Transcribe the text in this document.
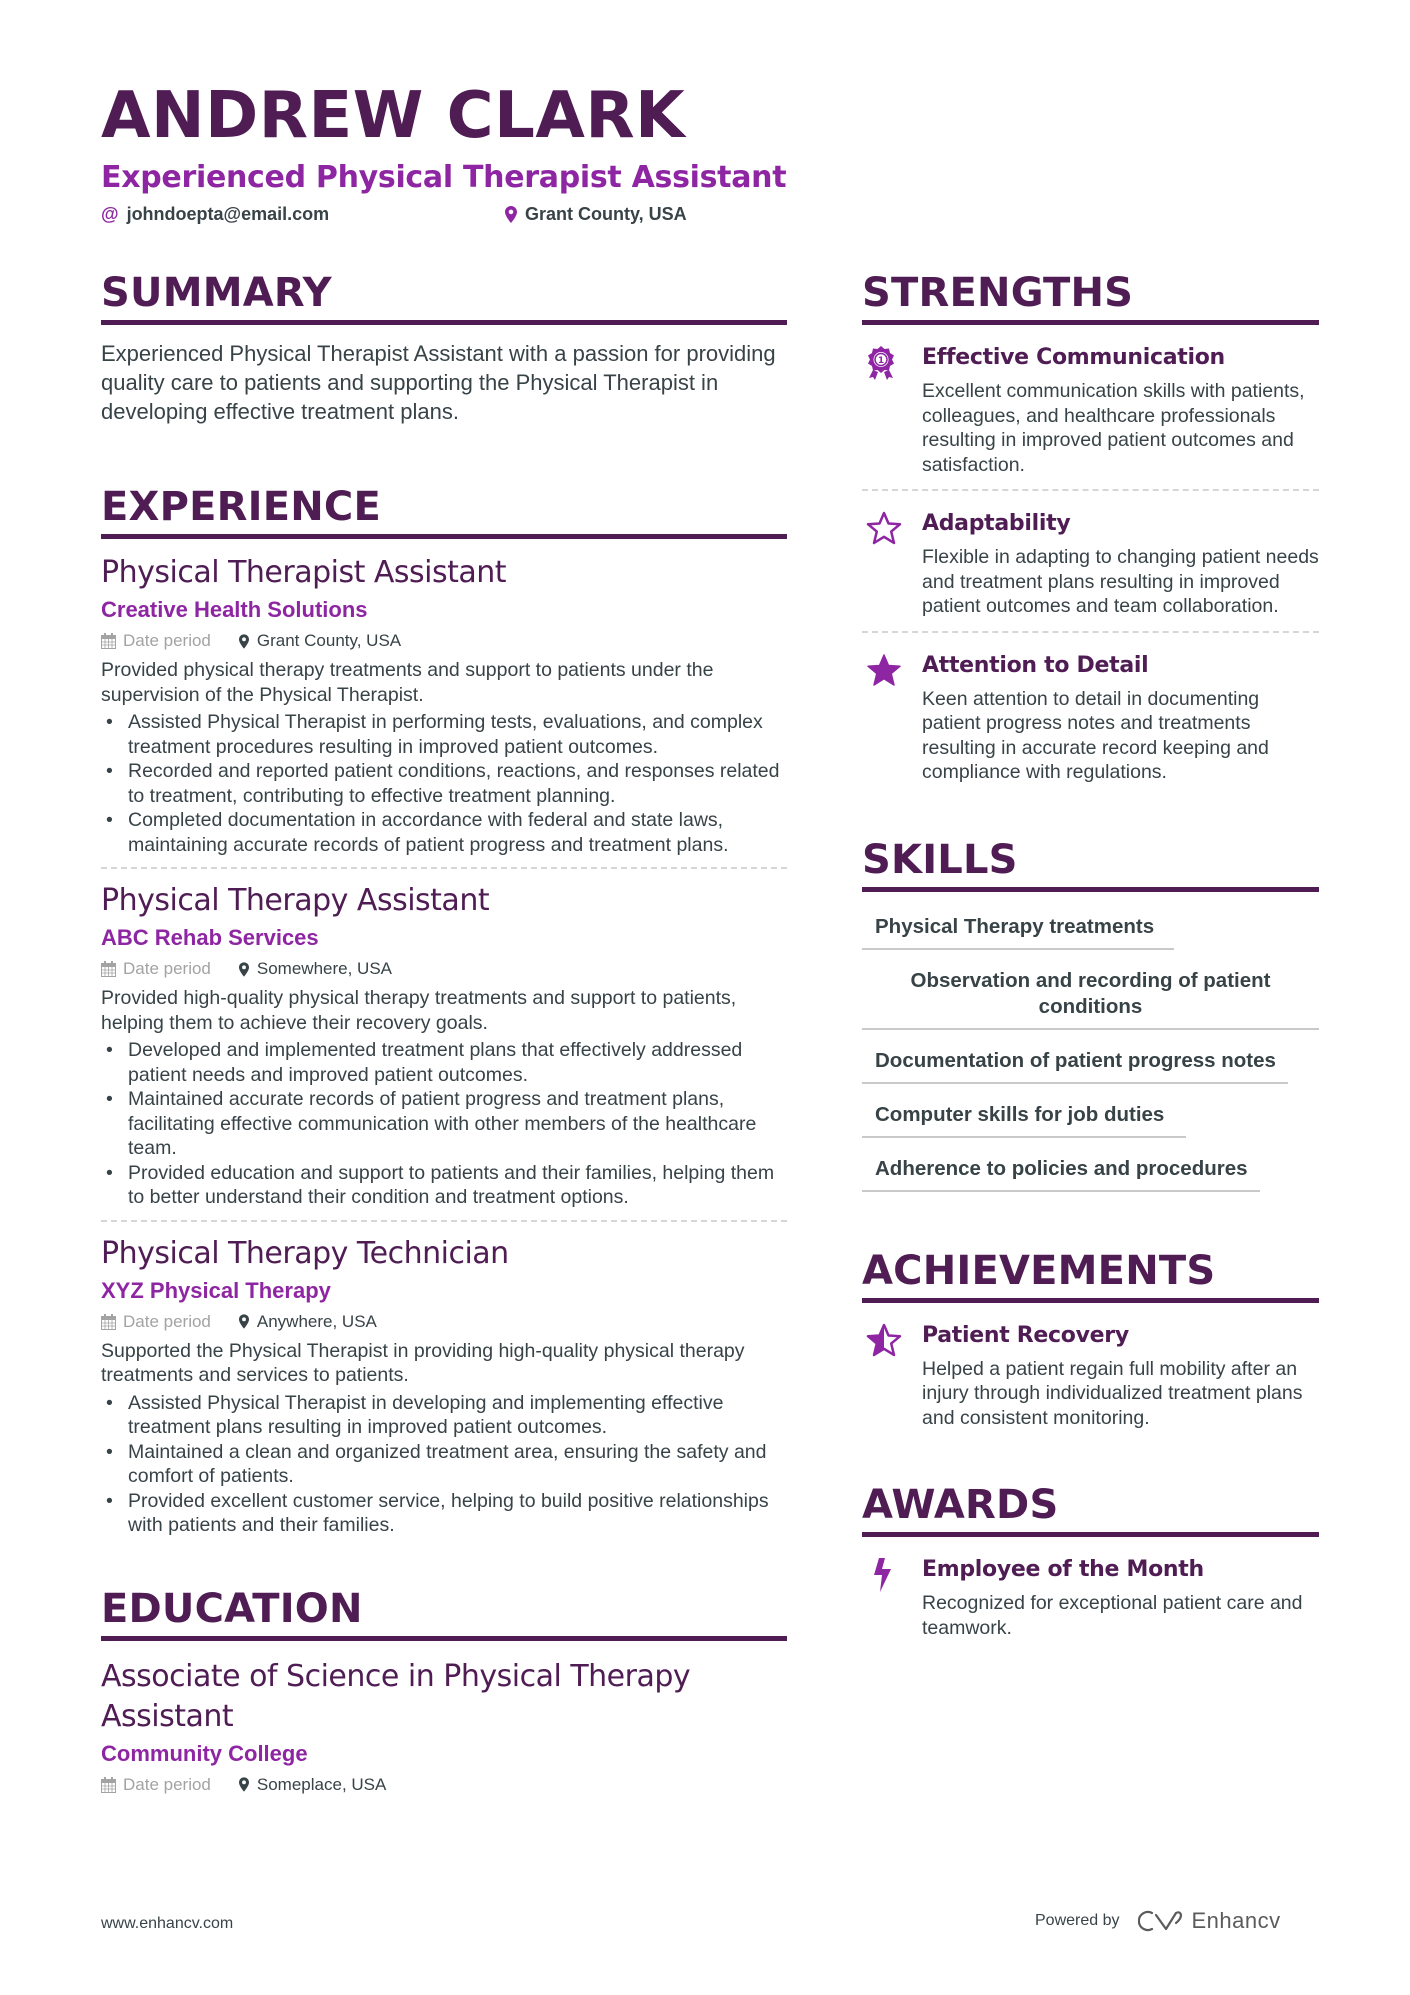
ANDREW CLARK
Experienced Physical Therapist Assistant
@ johndoepta@email.com	Grant County, USA
SUMMARY

Experienced Physical Therapist Assistant with a passion for providing quality care to patients and supporting the Physical Therapist in developing effective treatment plans.

EXPERIENCE
Physical Therapist Assistant
Creative Health Solutions
Date period	Grant County, USA

Provided physical therapy treatments and support to patients under the supervision of the Physical Therapist.

• Assisted Physical Therapist in performing tests, evaluations, and complex treatment procedures resulting in improved patient outcomes.
• Recorded and reported patient conditions, reactions, and responses related to treatment, contributing to effective treatment planning.
• Completed documentation in accordance with federal and state laws, maintaining accurate records of patient progress and treatment plans.
Physical Therapy Assistant
ABC Rehab Services
Date period	Somewhere, USA

Provided high-quality physical therapy treatments and support to patients, helping them to achieve their recovery goals.

• Developed and implemented treatment plans that effectively addressed patient needs and improved patient outcomes.
• Maintained accurate records of patient progress and treatment plans, facilitating effective communication with other members of the healthcare team.
• Provided education and support to patients and their families, helping them to better understand their condition and treatment options.
Physical Therapy Technician
XYZ Physical Therapy
Date period	Anywhere, USA

Supported the Physical Therapist in providing high-quality physical therapy treatments and services to patients.

• Assisted Physical Therapist in developing and implementing effective treatment plans resulting in improved patient outcomes.
• Maintained a clean and organized treatment area, ensuring the safety and comfort of patients.
• Provided excellent customer service, helping to build positive relationships with patients and their families.
EDUCATION
Associate of Science in Physical Therapy Assistant
Community College
Date period	Someplace, USA
STRENGTHS
1 Effective Communication

Excellent communication skills with patients, colleagues, and healthcare professionals resulting in improved patient outcomes and satisfaction.

Adaptability

Flexible in adapting to changing patient needs and treatment plans resulting in improved patient outcomes and team collaboration.

Attention to Detail

Keen attention to detail in documenting patient progress notes and treatments resulting in accurate record keeping and compliance with regulations.

SKILLS
Physical Therapy treatments
Observation and recording of patient conditions
Documentation of patient progress notes
Computer skills for job duties
Adherence to policies and procedures
ACHIEVEMENTS
Patient Recovery

Helped a patient regain full mobility after an injury through individualized treatment plans and consistent monitoring.

AWARDS
Employee of the Month

Recognized for exceptional patient care and teamwork.

www.enhancv.com	Powered by	Enhancv
